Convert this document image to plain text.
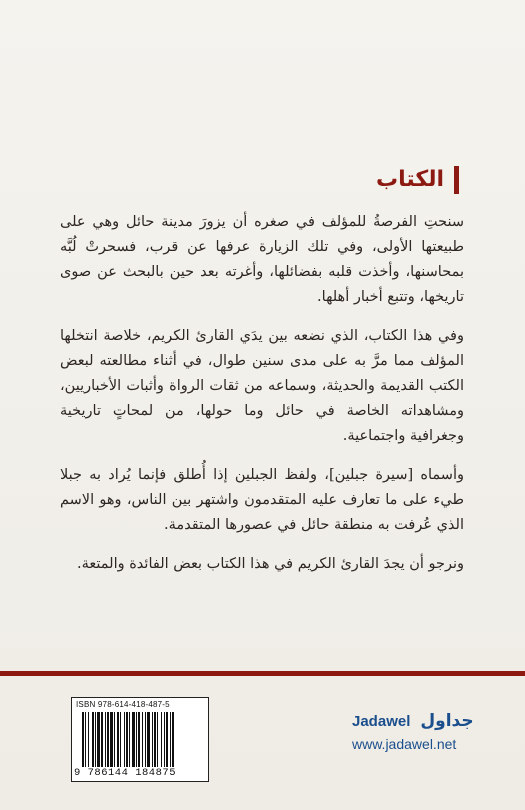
الكتاب

سنحتِ الفرصةُ للمؤلف في صغره أن يزورَ مدينة حائل وهي على طبيعتها الأولى، وفي تلك الزيارة عرفها عن قرب، فسحرتْ لُبَّه بمحاسنها، وأخذت قلبه بفضائلها، وأغرته بعد حين بالبحث عن صوى تاريخها، وتتبع أخبار أهلها.

وفي هذا الكتاب، الذي نضعه بين يدَي القارئ الكريم، خلاصة انتخلها المؤلف مما مرَّ به على مدى سنين طوال، في أثناء مطالعته لبعض الكتب القديمة والحديثة، وسماعه من ثقات الرواة وأثبات الأخباريين، ومشاهداته الخاصة في حائل وما حولها، من لمحاتٍ تاريخية وجغرافية واجتماعية.

وأسماه [سيرة جبلين]، ولفظ الجبلين إذا أُطلق فإنما يُراد به جبلا طيء على ما تعارف عليه المتقدمون واشتهر بين الناس، وهو الاسم الذي عُرفت به منطقة حائل في عصورها المتقدمة.

ونرجو أن يجدَ القارئ الكريم في هذا الكتاب بعض الفائدة والمتعة.

ISBN 978-614-418-487-5
9 786144 184875
Jadawel جداول
www.jadawel.net
